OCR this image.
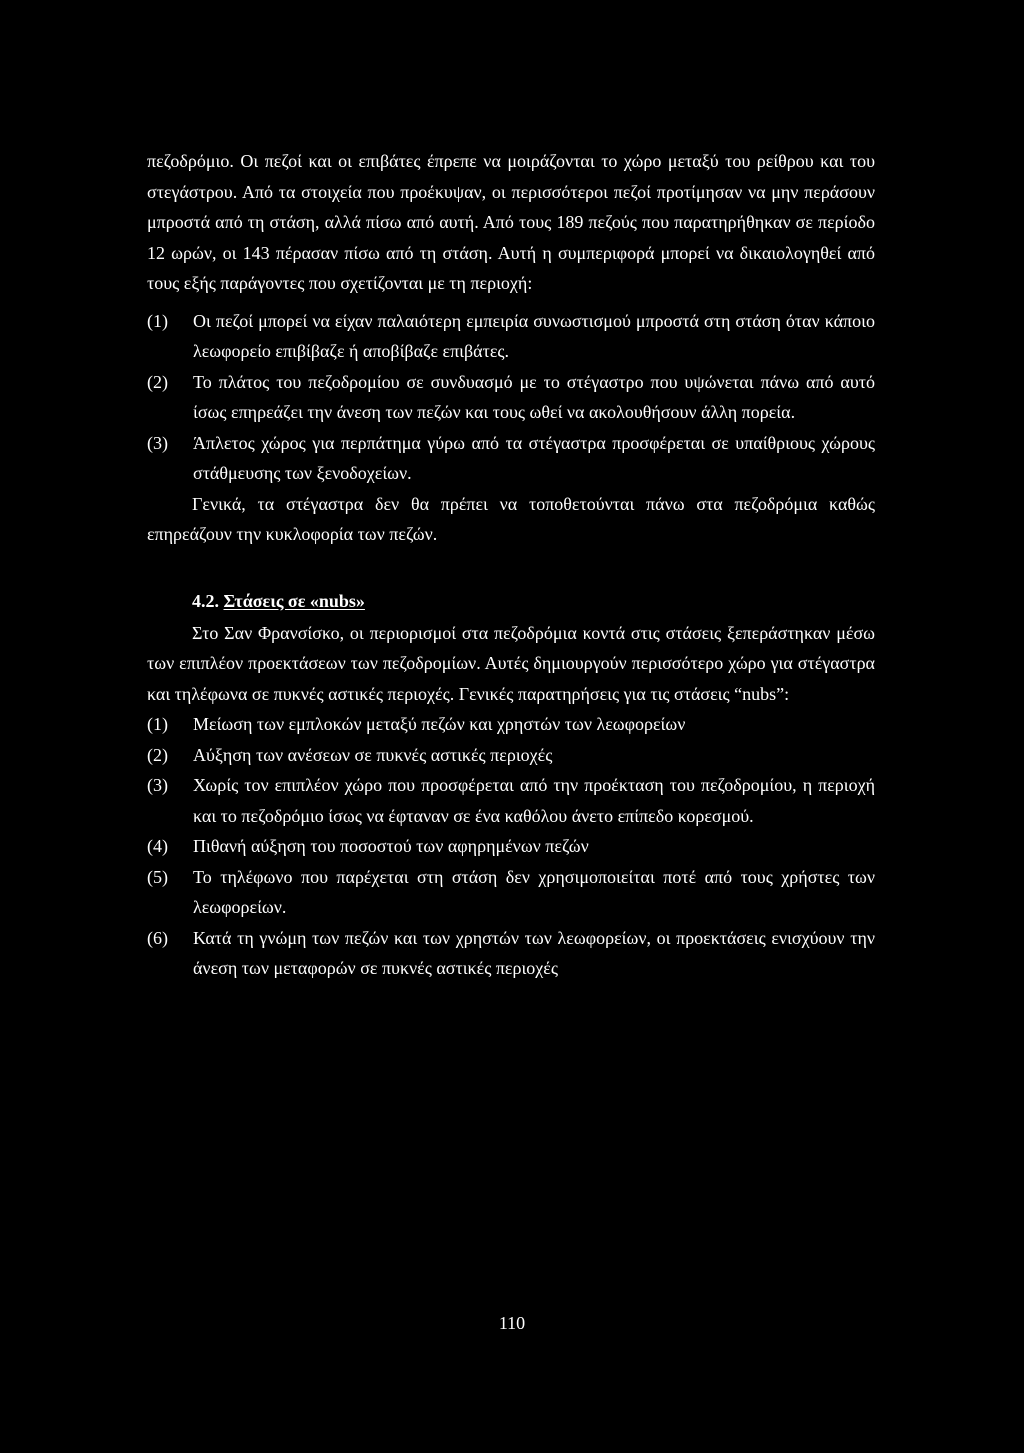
πεζοδρόμιο. Οι πεζοί και οι επιβάτες έπρεπε να μοιράζονται το χώρο μεταξύ του ρείθρου και του στεγάστρου. Από τα στοιχεία που προέκυψαν, οι περισσότεροι πεζοί προτίμησαν να μην περάσουν μπροστά από τη στάση, αλλά πίσω από αυτή. Από τους 189 πεζούς που παρατηρήθηκαν σε περίοδο 12 ωρών, οι 143 πέρασαν πίσω από τη στάση. Αυτή η συμπεριφορά μπορεί να δικαιολογηθεί από τους εξής παράγοντες που σχετίζονται με τη περιοχή:

(1)	Οι πεζοί μπορεί να είχαν παλαιότερη εμπειρία συνωστισμού μπροστά στη στάση όταν κάποιο λεωφορείο επιβίβαζε ή αποβίβαζε επιβάτες.
(2)	Το πλάτος του πεζοδρομίου σε συνδυασμό με το στέγαστρο που υψώνεται πάνω από αυτό ίσως επηρεάζει την άνεση των πεζών και τους ωθεί να ακολουθήσουν άλλη πορεία.
(3)	Άπλετος χώρος για περπάτημα γύρω από τα στέγαστρα προσφέρεται σε υπαίθριους χώρους στάθμευσης των ξενοδοχείων.

Γενικά, τα στέγαστρα δεν θα πρέπει να τοποθετούνται πάνω στα πεζοδρόμια καθώς επηρεάζουν την κυκλοφορία των πεζών.

4.2. Στάσεις σε «nubs»

Στο Σαν Φρανσίσκο, οι περιορισμοί στα πεζοδρόμια κοντά στις στάσεις ξεπεράστηκαν μέσω των επιπλέον προεκτάσεων των πεζοδρομίων. Αυτές δημιουργούν περισσότερο χώρο για στέγαστρα και τηλέφωνα σε πυκνές αστικές περιοχές. Γενικές παρατηρήσεις για τις στάσεις “nubs”:

(1)	Μείωση των εμπλοκών μεταξύ πεζών και χρηστών των λεωφορείων
(2)	Αύξηση των ανέσεων σε πυκνές αστικές περιοχές
(3)	Χωρίς τον επιπλέον χώρο που προσφέρεται από την προέκταση του πεζοδρομίου, η περιοχή και το πεζοδρόμιο ίσως να έφταναν σε ένα καθόλου άνετο επίπεδο κορεσμού.
(4)	Πιθανή αύξηση του ποσοστού των αφηρημένων πεζών
(5)	Το τηλέφωνο που παρέχεται στη στάση δεν χρησιμοποιείται ποτέ από τους χρήστες των λεωφορείων.
(6)	Κατά τη γνώμη των πεζών και των χρηστών των λεωφορείων, οι προεκτάσεις ενισχύουν την άνεση των μεταφορών σε πυκνές αστικές περιοχές
110
